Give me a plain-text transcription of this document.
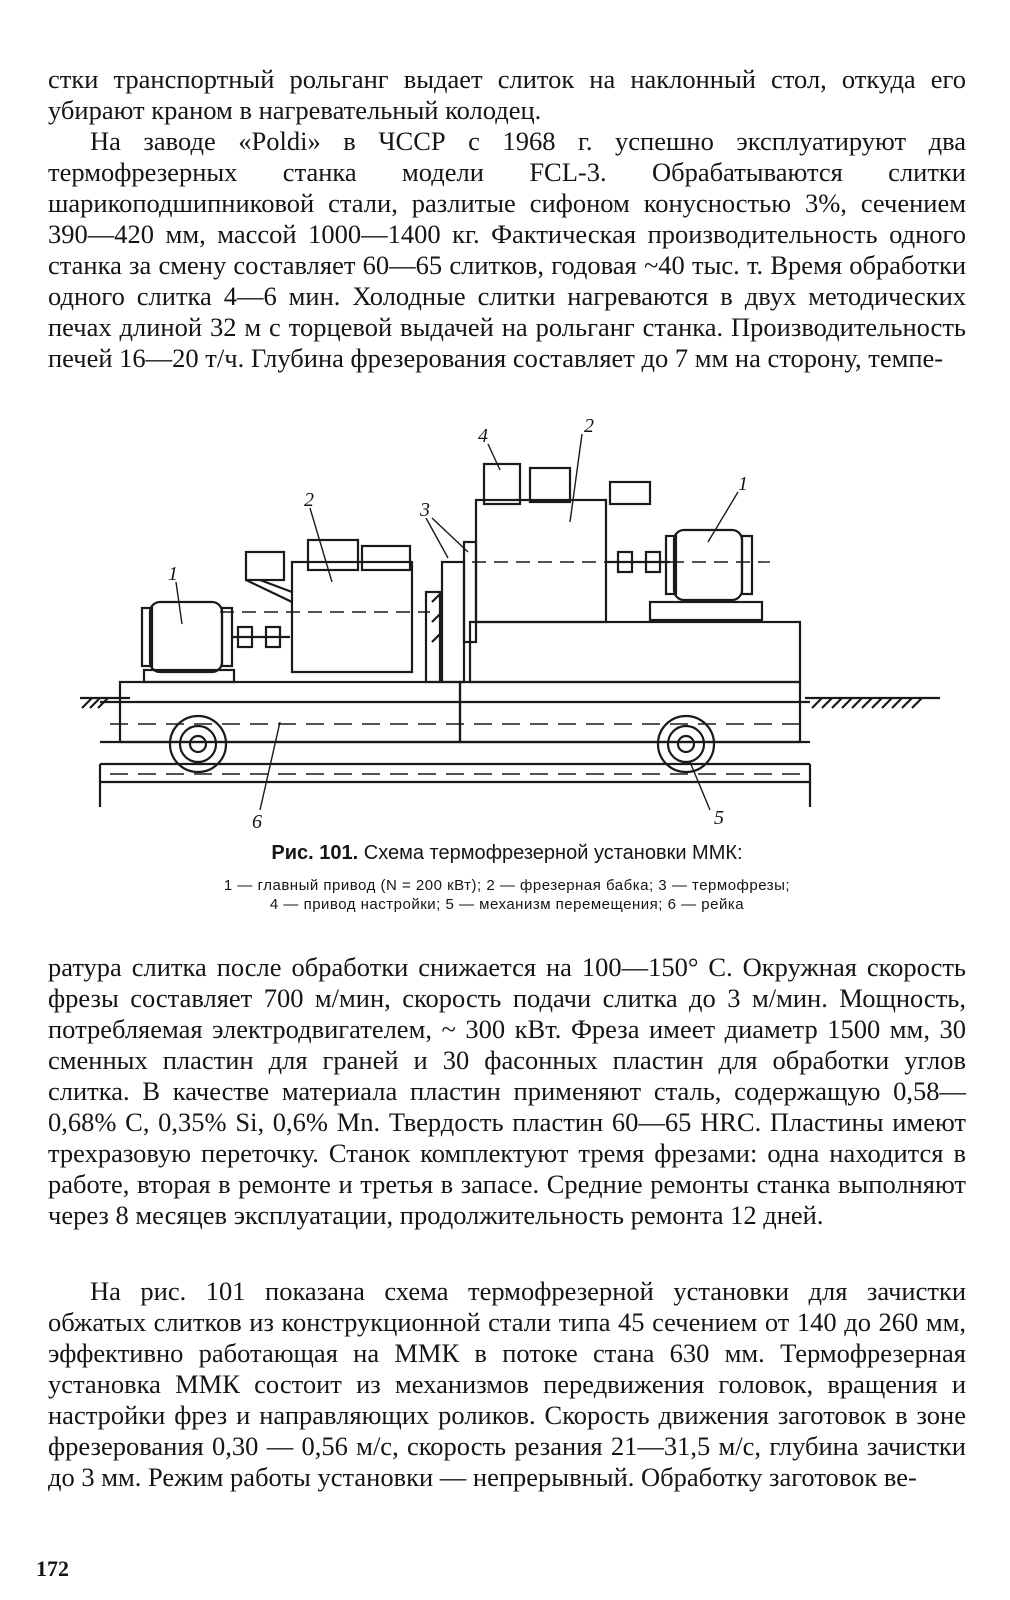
стки транспортный рольганг выдает слиток на наклонный стол, откуда его убирают краном в нагревательный колодец.

На заводе «Poldi» в ЧССР с 1968 г. успешно эксплуатируют два термофрезерных станка модели FCL-3. Обрабатываются слитки шарикоподшипниковой стали, разлитые сифоном конусностью 3%, сечением 390—420 мм, массой 1000—1400 кг. Фактическая производительность одного станка за смену составляет 60—65 слитков, годовая ~40 тыс. т. Время обработки одного слитка 4—6 мин. Холодные слитки нагреваются в двух методических печах длиной 32 м с торцевой выдачей на рольганг станка. Производительность печей 16—20 т/ч. Глубина фрезерования составляет до 7 мм на сторону, темпе-

1
2	3
4	2
1
5
6

Рис. 101. Схема термофрезерной установки ММК:

1 — главный привод (N = 200 кВт); 2 — фрезерная бабка; 3 — термофрезы;
4 — привод настройки; 5 — механизм перемещения; 6 — рейка

ратура слитка после обработки снижается на 100—150° С. Окружная скорость фрезы составляет 700 м/мин, скорость подачи слитка до 3 м/мин. Мощность, потребляемая электродвигателем, ~ 300 кВт. Фреза имеет диаметр 1500 мм, 30 сменных пластин для граней и 30 фасонных пластин для обработки углов слитка. В качестве материала пластин применяют сталь, содержащую 0,58—0,68% С, 0,35% Si, 0,6% Mn. Твердость пластин 60—65 HRC. Пластины имеют трехразовую переточку. Станок комплектуют тремя фрезами: одна находится в работе, вторая в ремонте и третья в запасе. Средние ремонты станка выполняют через 8 месяцев эксплуатации, продолжительность ремонта 12 дней.

На рис. 101 показана схема термофрезерной установки для зачистки обжатых слитков из конструкционной стали типа 45 сечением от 140 до 260 мм, эффективно работающая на ММК в потоке стана 630 мм. Термофрезерная установка ММК состоит из механизмов передвижения головок, вращения и настройки фрез и направляющих роликов. Скорость движения заготовок в зоне фрезерования 0,30 — 0,56 м/с, скорость резания 21—31,5 м/с, глубина зачистки до 3 мм. Режим работы установки — непрерывный. Обработку заготовок ве-

172
